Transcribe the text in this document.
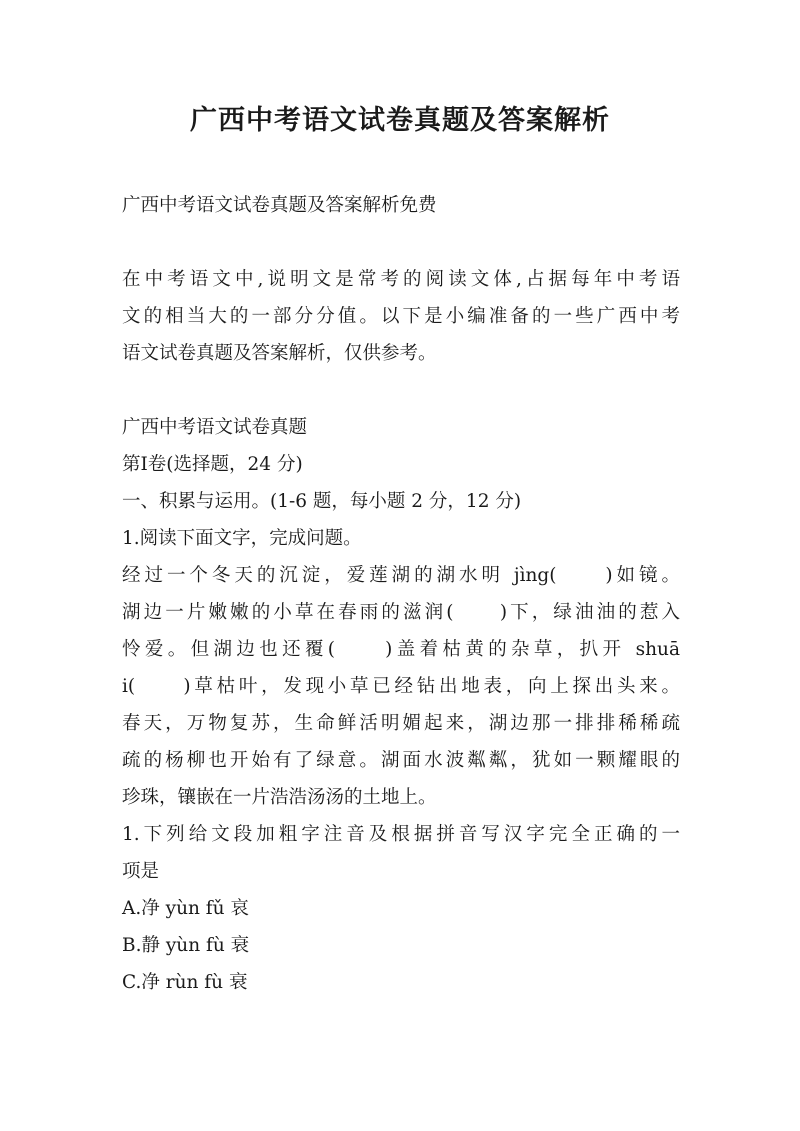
广西中考语文试卷真题及答案解析
广西中考语文试卷真题及答案解析免费
在中考语文中,说明文是常考的阅读文体,占据每年中考语
文的相当大的一部分分值。以下是小编准备的一些广西中考
语文试卷真题及答案解析，仅供参考。
广西中考语文试卷真题
第Ⅰ卷(选择题，24 分)
一、积累与运用。(1-6 题，每小题 2 分，12 分)
1.阅读下面文字，完成问题。
经过一个冬天的沉淀，爱莲湖的湖水明 jìng(　　)如镜。
湖边一片嫩嫩的小草在春雨的滋润(　　)下，绿油油的惹入
怜爱。但湖边也还覆(　　)盖着枯黄的杂草，扒开 shuā
i(　　)草枯叶，发现小草已经钻出地表，向上探出头来。
春天，万物复苏，生命鲜活明媚起来，湖边那一排排稀稀疏
疏的杨柳也开始有了绿意。湖面水波粼粼，犹如一颗耀眼的
珍珠，镶嵌在一片浩浩汤汤的土地上。
1.下列给文段加粗字注音及根据拼音写汉字完全正确的一
项是
A.净 yùn fǔ 哀
B.静 yùn fù 衰
C.净 rùn fù 衰
